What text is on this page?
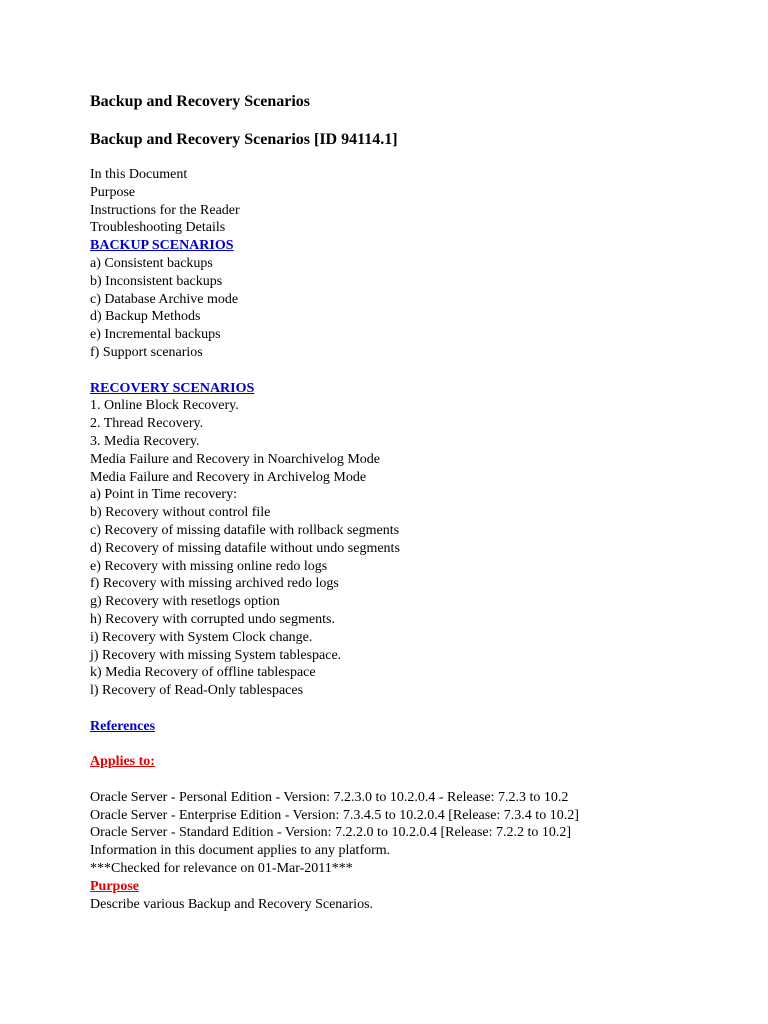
Backup and Recovery Scenarios
Backup and Recovery Scenarios [ID 94114.1]
In this Document
Purpose
Instructions for the Reader
Troubleshooting Details
BACKUP SCENARIOS
a) Consistent backups
b) Inconsistent backups
c) Database Archive mode
d) Backup Methods
e) Incremental backups
f) Support scenarios
RECOVERY SCENARIOS
1. Online Block Recovery.
2. Thread Recovery.
3. Media Recovery.
Media Failure and Recovery in Noarchivelog Mode
Media Failure and Recovery in Archivelog Mode
a) Point in Time recovery:
b) Recovery without control file
c) Recovery of missing datafile with rollback segments
d) Recovery of missing datafile without undo segments
e) Recovery with missing online redo logs
f) Recovery with missing archived redo logs
g) Recovery with resetlogs option
h) Recovery with corrupted undo segments.
i) Recovery with System Clock change.
j) Recovery with missing System tablespace.
k) Media Recovery of offline tablespace
l) Recovery of Read-Only tablespaces
References
Applies to:
Oracle Server - Personal Edition - Version: 7.2.3.0 to 10.2.0.4 - Release: 7.2.3 to 10.2
Oracle Server - Enterprise Edition - Version: 7.3.4.5 to 10.2.0.4 [Release: 7.3.4 to 10.2]
Oracle Server - Standard Edition - Version: 7.2.2.0 to 10.2.0.4 [Release: 7.2.2 to 10.2]
Information in this document applies to any platform.
***Checked for relevance on 01-Mar-2011***
Purpose
Describe various Backup and Recovery Scenarios.
